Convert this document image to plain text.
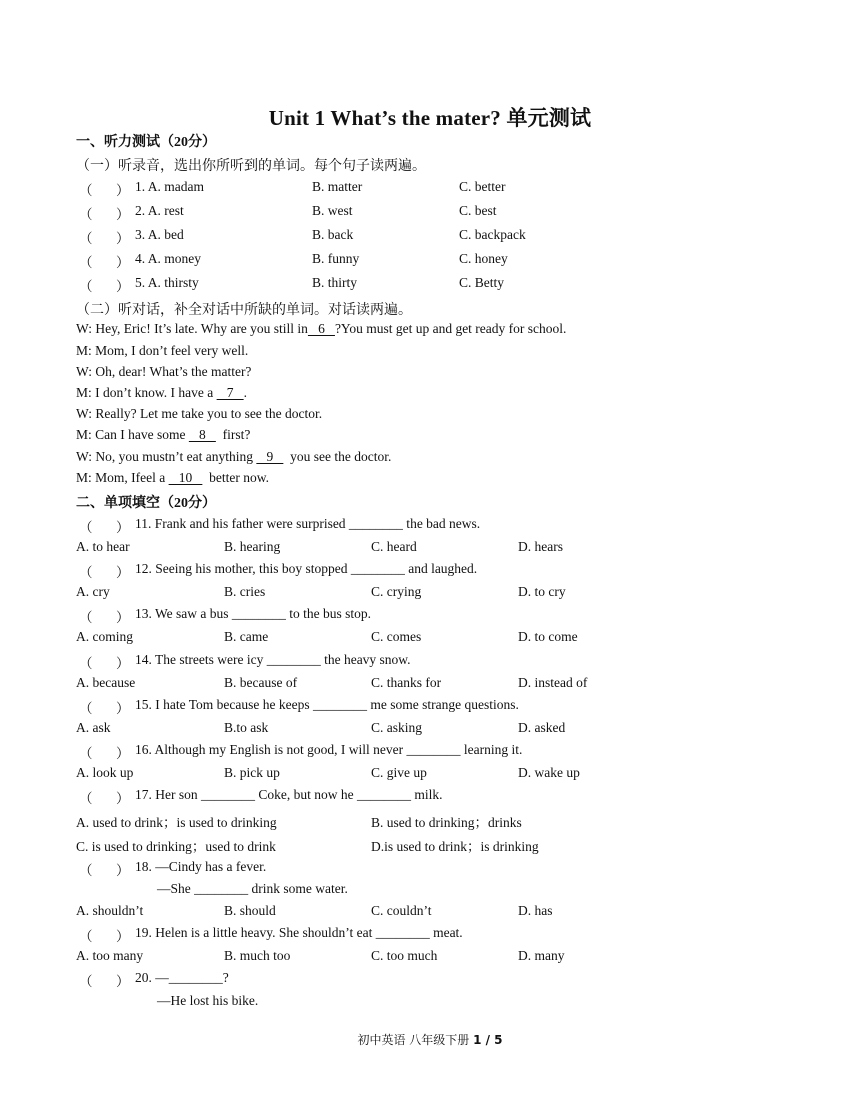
Unit 1 What’s the mater? 单元测试
一、听力测试（20分）
（一）听录音，选出你所听到的单词。每个句子读两遍。
（ ） 1. A. madam	B. matter	C. better
（ ） 2. A. rest	B. west	C. best
（ ） 3. A. bed	B. back	C. backpack
（ ） 4. A. money	B. funny	C. honey
（ ） 5. A. thirsty	B. thirty	C. Betty
（二）听对话，补全对话中所缺的单词。对话读两遍。
W: Hey, Eric! It’s late. Why are you still in   6   ?You must get up and get ready for school.
M: Mom, I don’t feel very well.
W: Oh, dear! What’s the matter?
M: I don’t know. I have a    7   .
W: Really? Let me take you to see the doctor.
M: Can I have some    8     first?
W: No, you mustn’t eat anything    9     you see the doctor.
M: Mom, Ifeel a    10     better now.
二、单项填空（20分）
（ ） 11. Frank and his father were surprised ________ the bad news.
A. to hear	B. hearing	C. heard	D. hears
（ ） 12. Seeing his mother, this boy stopped ________ and laughed.
A. cry	B. cries	C. crying	D. to cry
（ ） 13. We saw a bus ________ to the bus stop.
A. coming	B. came	C. comes	D. to come
（ ） 14. The streets were icy ________ the heavy snow.
A. because	B. because of	C. thanks for	D. instead of
（ ） 15. I hate Tom because he keeps ________ me some strange questions.
A. ask	B.to ask	C. asking	D. asked
（ ） 16. Although my English is not good, I will never ________ learning it.
A. look up	B. pick up	C. give up	D. wake up
（ ） 17. Her son ________ Coke, but now he ________ milk.
A. used to drink；is used to drinking	B. used to drinking；drinks
C. is used to drinking；used to drink	D.is used to drink；is drinking
（ ） 18. —Cindy has a fever.
—She ________ drink some water.
A. shouldn’t	B. should	C. couldn’t	D. has
（ ） 19. Helen is a little heavy. She shouldn’t eat ________ meat.
A. too many	B. much too	C. too much	D. many
（ ） 20. —________?
—He lost his bike.
初中英语 八年级下册 1 / 5
